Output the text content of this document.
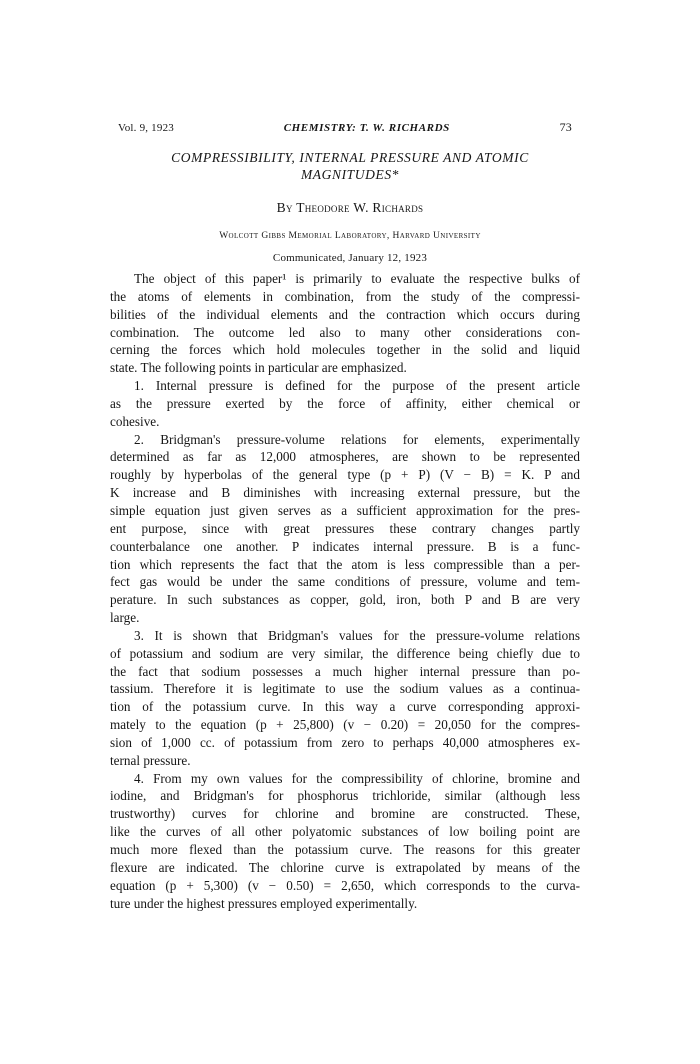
Vol. 9, 1923	CHEMISTRY: T. W. RICHARDS	73
COMPRESSIBILITY, INTERNAL PRESSURE AND ATOMIC
MAGNITUDES*
By Theodore W. Richards
Wolcott Gibbs Memorial Laboratory, Harvard University
Communicated, January 12, 1923

The object of this paper¹ is primarily to evaluate the respective bulks of
the atoms of elements in combination, from the study of the compressi-
bilities of the individual elements and the contraction which occurs during
combination. The outcome led also to many other considerations con-
cerning the forces which hold molecules together in the solid and liquid
state. The following points in particular are emphasized.

1. Internal pressure is defined for the purpose of the present article
as the pressure exerted by the force of affinity, either chemical or
cohesive.

2. Bridgman's pressure-volume relations for elements, experimentally
determined as far as 12,000 atmospheres, are shown to be represented
roughly by hyperbolas of the general type (p + P) (V − B) = K. P and
K increase and B diminishes with increasing external pressure, but the
simple equation just given serves as a sufficient approximation for the pres-
ent purpose, since with great pressures these contrary changes partly
counterbalance one another. P indicates internal pressure. B is a func-
tion which represents the fact that the atom is less compressible than a per-
fect gas would be under the same conditions of pressure, volume and tem-
perature. In such substances as copper, gold, iron, both P and B are very
large.

3. It is shown that Bridgman's values for the pressure-volume relations
of potassium and sodium are very similar, the difference being chiefly due to
the fact that sodium possesses a much higher internal pressure than po-
tassium. Therefore it is legitimate to use the sodium values as a continua-
tion of the potassium curve. In this way a curve corresponding approxi-
mately to the equation (p + 25,800) (v − 0.20) = 20,050 for the compres-
sion of 1,000 cc. of potassium from zero to perhaps 40,000 atmospheres ex-
ternal pressure.

4. From my own values for the compressibility of chlorine, bromine and
iodine, and Bridgman's for phosphorus trichloride, similar (although less
trustworthy) curves for chlorine and bromine are constructed. These,
like the curves of all other polyatomic substances of low boiling point are
much more flexed than the potassium curve. The reasons for this greater
flexure are indicated. The chlorine curve is extrapolated by means of the
equation (p + 5,300) (v − 0.50) = 2,650, which corresponds to the curva-
ture under the highest pressures employed experimentally.
